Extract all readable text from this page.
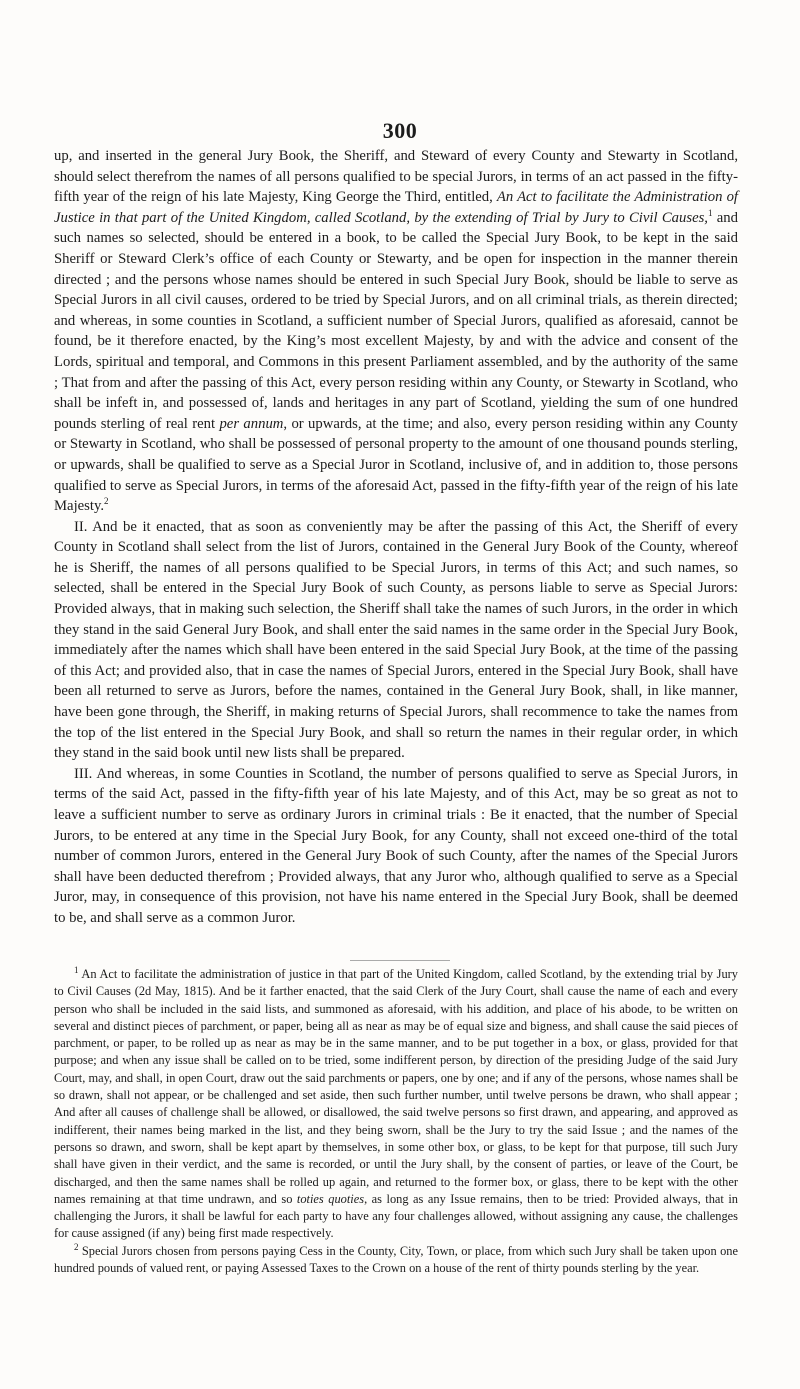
300

up, and inserted in the general Jury Book, the Sheriff, and Steward of every County and Stewarty in Scotland, should select therefrom the names of all persons qualified to be special Jurors, in terms of an act passed in the fifty-fifth year of the reign of his late Majesty, King George the Third, entitled, An Act to facilitate the Administration of Justice in that part of the United Kingdom, called Scotland, by the extending of Trial by Jury to Civil Causes,$^1$ and such names so selected, should be entered in a book, to be called the Special Jury Book, to be kept in the said Sheriff or Steward Clerk’s office of each County or Stewarty, and be open for inspection in the manner therein directed ; and the persons whose names should be entered in such Special Jury Book, should be liable to serve as Special Jurors in all civil causes, ordered to be tried by Special Jurors, and on all criminal trials, as therein directed; and whereas, in some counties in Scotland, a sufficient number of Special Jurors, qualified as aforesaid, cannot be found, be it therefore enacted, by the King’s most excellent Majesty, by and with the advice and consent of the Lords, spiritual and temporal, and Commons in this present Parliament assembled, and by the authority of the same ; That from and after the passing of this Act, every person residing within any County, or Stewarty in Scotland, who shall be infeft in, and possessed of, lands and heritages in any part of Scotland, yielding the sum of one hundred pounds sterling of real rent per annum, or upwards, at the time; and also, every person residing within any County or Stewarty in Scotland, who shall be possessed of personal property to the amount of one thousand pounds sterling, or upwards, shall be qualified to serve as a Special Juror in Scotland, inclusive of, and in addition to, those persons qualified to serve as Special Jurors, in terms of the aforesaid Act, passed in the fifty-fifth year of the reign of his late Majesty.$^2$

II. And be it enacted, that as soon as conveniently may be after the passing of this Act, the Sheriff of every County in Scotland shall select from the list of Jurors, contained in the General Jury Book of the County, whereof he is Sheriff, the names of all persons qualified to be Special Jurors, in terms of this Act; and such names, so selected, shall be entered in the Special Jury Book of such County, as persons liable to serve as Special Jurors: Provided always, that in making such selection, the Sheriff shall take the names of such Jurors, in the order in which they stand in the said General Jury Book, and shall enter the said names in the same order in the Special Jury Book, immediately after the names which shall have been entered in the said Special Jury Book, at the time of the passing of this Act; and provided also, that in case the names of Special Jurors, entered in the Special Jury Book, shall have been all returned to serve as Jurors, before the names, contained in the General Jury Book, shall, in like manner, have been gone through, the Sheriff, in making returns of Special Jurors, shall recommence to take the names from the top of the list entered in the Special Jury Book, and shall so return the names in their regular order, in which they stand in the said book until new lists shall be prepared.

III. And whereas, in some Counties in Scotland, the number of persons qualified to serve as Special Jurors, in terms of the said Act, passed in the fifty-fifth year of his late Majesty, and of this Act, may be so great as not to leave a sufficient number to serve as ordinary Jurors in criminal trials : Be it enacted, that the number of Special Jurors, to be entered at any time in the Special Jury Book, for any County, shall not exceed one-third of the total number of common Jurors, entered in the General Jury Book of such County, after the names of the Special Jurors shall have been deducted therefrom ; Provided always, that any Juror who, although qualified to serve as a Special Juror, may, in consequence of this provision, not have his name entered in the Special Jury Book, shall be deemed to be, and shall serve as a common Juror.

$^1$ An Act to facilitate the administration of justice in that part of the United Kingdom, called Scotland, by the extending trial by Jury to Civil Causes (2d May, 1815). And be it farther enacted, that the said Clerk of the Jury Court, shall cause the name of each and every person who shall be included in the said lists, and summoned as aforesaid, with his addition, and place of his abode, to be written on several and distinct pieces of parchment, or paper, being all as near as may be of equal size and bigness, and shall cause the said pieces of parchment, or paper, to be rolled up as near as may be in the same manner, and to be put together in a box, or glass, provided for that purpose; and when any issue shall be called on to be tried, some indifferent person, by direction of the presiding Judge of the said Jury Court, may, and shall, in open Court, draw out the said parchments or papers, one by one; and if any of the persons, whose names shall be so drawn, shall not appear, or be challenged and set aside, then such further number, until twelve persons be drawn, who shall appear ; And after all causes of challenge shall be allowed, or disallowed, the said twelve persons so first drawn, and appearing, and approved as indifferent, their names being marked in the list, and they being sworn, shall be the Jury to try the said Issue ; and the names of the persons so drawn, and sworn, shall be kept apart by themselves, in some other box, or glass, to be kept for that purpose, till such Jury shall have given in their verdict, and the same is recorded, or until the Jury shall, by the consent of parties, or leave of the Court, be discharged, and then the same names shall be rolled up again, and returned to the former box, or glass, there to be kept with the other names remaining at that time undrawn, and so toties quoties, as long as any Issue remains, then to be tried: Provided always, that in challenging the Jurors, it shall be lawful for each party to have any four challenges allowed, without assigning any cause, the challenges for cause assigned (if any) being first made respectively.

$^2$ Special Jurors chosen from persons paying Cess in the County, City, Town, or place, from which such Jury shall be taken upon one hundred pounds of valued rent, or paying Assessed Taxes to the Crown on a house of the rent of thirty pounds sterling by the year.
